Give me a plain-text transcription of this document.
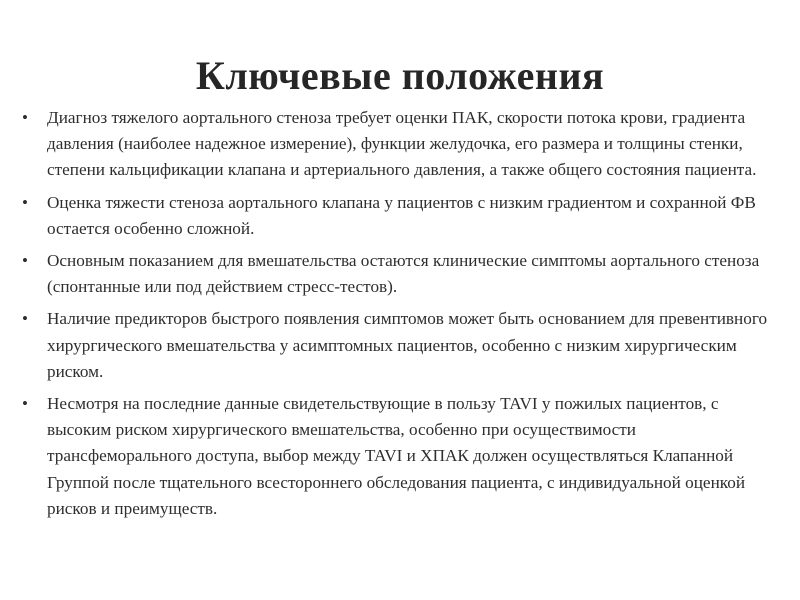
Ключевые положения
•	Диагноз тяжелого аортального стеноза требует оценки ПАК, скорости потока крови, градиента давления (наиболее надежное измерение), функции желудочка, его размера и толщины стенки, степени кальцификации клапана и артериального давления, а также общего состояния пациента.
•	Оценка тяжести стеноза аортального клапана у пациентов с низким градиентом и сохранной ФВ остается особенно сложной.
•	Основным показанием для вмешательства остаются клинические симптомы аортального стеноза (спонтанные или под действием стресс-тестов).
•	Наличие предикторов быстрого появления симптомов может быть основанием для превентивного хирургического вмешательства у асимптомных пациентов, особенно с низким хирургическим риском.
•	Несмотря на последние данные свидетельствующие в пользу TAVI у пожилых пациентов, с высоким риском хирургического вмешательства, особенно при осуществимости трансфеморального доступа, выбор между TAVI и ХПАК должен осуществляться Клапанной Группой после тщательного всестороннего обследования пациента, с индивидуальной оценкой рисков и преимуществ.
